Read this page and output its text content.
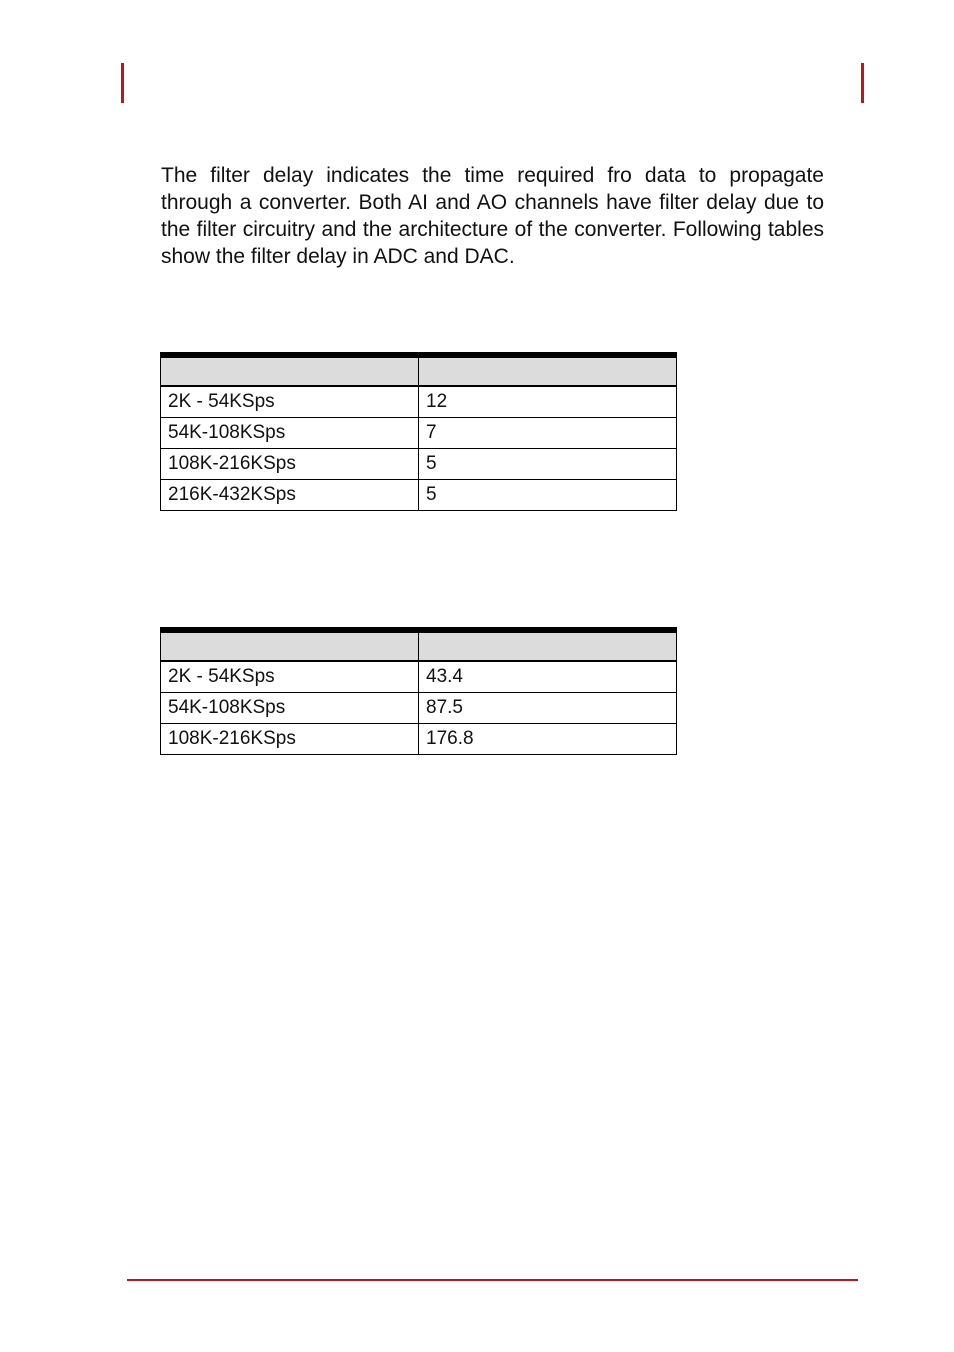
The filter delay indicates the time required fro data to propagate through a converter. Both AI and AO channels have filter delay due to the filter circuitry and the architecture of the converter. Following tables show the filter delay in ADC and DAC.

2K - 54KSps	12
54K-108KSps	7
108K-216KSps	5
216K-432KSps	5

2K - 54KSps	43.4
54K-108KSps	87.5
108K-216KSps	176.8
